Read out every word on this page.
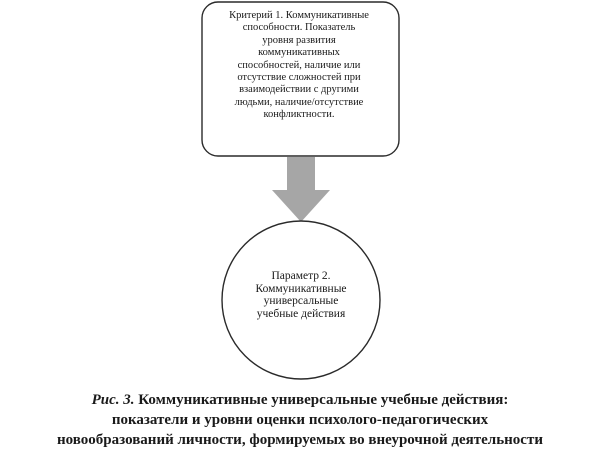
Критерий 1. Коммуникативные
способности. Показатель
уровня развития
коммуникативных
способностей, наличие или
отсутствие сложностей при
взаимодействии с другими
людьми, наличие/отсутствие
конфликтности.
Параметр 2.
Коммуникативные
универсальные
учебные действия
Рис. 3. Коммуникативные универсальные учебные действия:
показатели и уровни оценки психолого-педагогических
новообразований личности, формируемых во внеурочной деятельности
